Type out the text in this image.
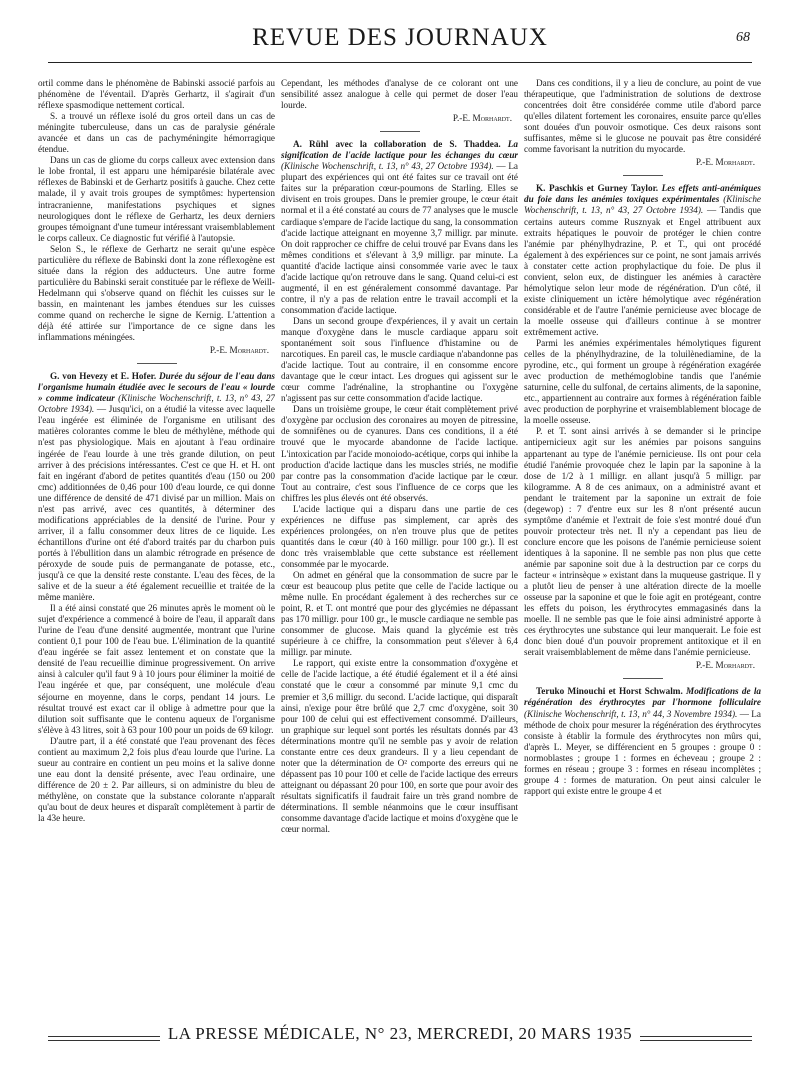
REVUE DES JOURNAUX	68

ortil comme dans le phénomène de Babinski associé parfois au phénomène de l'éventail. D'après Gerhartz, il s'agirait d'un réflexe spasmodique nettement cortical.

S. a trouvé un réflexe isolé du gros orteil dans un cas de méningite tuberculeuse, dans un cas de paralysie générale avancée et dans un cas de pachyméningite hémorragique étendue.

Dans un cas de gliome du corps calleux avec extension dans le lobe frontal, il est apparu une hémiparésie bilatérale avec réflexes de Babinski et de Gerhartz positifs à gauche. Chez cette malade, il y avait trois groupes de symptômes: hypertension intracranienne, manifestations psychiques et signes neurologiques dont le réflexe de Gerhartz, les deux derniers groupes témoignant d'une tumeur intéressant vraisemblablement le corps calleux. Ce diagnostic fut vérifié à l'autopsie.

Selon S., le réflexe de Gerhartz ne serait qu'une espèce particulière du réflexe de Babinski dont la zone réflexogène est située dans la région des adducteurs. Une autre forme particulière du Babinski serait constituée par le réflexe de Weill-Hedelmann qui s'observe quand on fléchit les cuisses sur le bassin, en maintenant les jambes étendues sur les cuisses comme quand on recherche le signe de Kernig. L'attention a déjà été attirée sur l'importance de ce signe dans les inflammations méningées.

P.-E. Morhardt.

G. von Hevezy et E. Hofer. Durée du séjour de l'eau dans l'organisme humain étudiée avec le secours de l'eau « lourde » comme indicateur (Klinische Wochenschrift, t. 13, n° 43, 27 Octobre 1934). — Jusqu'ici, on a étudié la vitesse avec laquelle l'eau ingérée est éliminée de l'organisme en utilisant des matières colorantes comme le bleu de méthylène, méthode qui n'est pas physiologique. Mais en ajoutant à l'eau ordinaire ingérée de l'eau lourde à une très grande dilution, on peut arriver à des précisions intéressantes. C'est ce que H. et H. ont fait en ingérant d'abord de petites quantités d'eau (150 ou 200 cmc) additionnées de 0,46 pour 100 d'eau lourde, ce qui donne une différence de densité de 471 divisé par un million. Mais on n'est pas arrivé, avec ces quantités, à déterminer des modifications appréciables de la densité de l'urine. Pour y arriver, il a fallu consommer deux litres de ce liquide. Les échantillons d'urine ont été d'abord traités par du charbon puis portés à l'ébullition dans un alambic rétrograde en présence de péroxyde de soude puis de permanganate de potasse, etc., jusqu'à ce que la densité reste constante. L'eau des fèces, de la salive et de la sueur a été également recueillie et traitée de la même manière.

Il a été ainsi constaté que 26 minutes après le moment où le sujet d'expérience a commencé à boire de l'eau, il apparaît dans l'urine de l'eau d'une densité augmentée, montrant que l'urine contient 0,1 pour 100 de l'eau bue. L'élimination de la quantité d'eau ingérée se fait assez lentement et on constate que la densité de l'eau recueillie diminue progressivement. On arrive ainsi à calculer qu'il faut 9 à 10 jours pour éliminer la moitié de l'eau ingérée et que, par conséquent, une molécule d'eau séjourne en moyenne, dans le corps, pendant 14 jours. Le résultat trouvé est exact car il oblige à admettre pour que la dilution soit suffisante que le contenu aqueux de l'organisme s'élève à 43 litres, soit à 63 pour 100 pour un poids de 69 kilogr.

D'autre part, il a été constaté que l'eau provenant des fèces contient au maximum 2,2 fois plus d'eau lourde que l'urine. La sueur au contraire en contient un peu moins et la salive donne une eau dont la densité présente, avec l'eau ordinaire, une différence de 20 ± 2. Par ailleurs, si on administre du bleu de méthylène, on constate que la substance colorante n'apparaît qu'au bout de deux heures et disparaît complètement à partir de la 43e heure.

Cependant, les méthodes d'analyse de ce colorant ont une sensibilité assez analogue à celle qui permet de doser l'eau lourde.

P.-E. Morhardt.

A. Rühl avec la collaboration de S. Thaddea. La signification de l'acide lactique pour les échanges du cœur (Klinische Wochenschrift, t. 13, n° 43, 27 Octobre 1934). — La plupart des expériences qui ont été faites sur ce travail ont été faites sur la préparation cœur-poumons de Starling. Elles se divisent en trois groupes. Dans le premier groupe, le cœur était normal et il a été constaté au cours de 77 analyses que le muscle cardiaque s'empare de l'acide lactique du sang, la consommation d'acide lactique atteignant en moyenne 3,7 milligr. par minute. On doit rapprocher ce chiffre de celui trouvé par Evans dans les mêmes conditions et s'élevant à 3,9 milligr. par minute. La quantité d'acide lactique ainsi consommée varie avec le taux d'acide lactique qu'on retrouve dans le sang. Quand celui-ci est augmenté, il en est généralement consommé davantage. Par contre, il n'y a pas de relation entre le travail accompli et la consommation d'acide lactique.

Dans un second groupe d'expériences, il y avait un certain manque d'oxygène dans le muscle cardiaque apparu soit spontanément soit sous l'influence d'histamine ou de narcotiques. En pareil cas, le muscle cardiaque n'abandonne pas d'acide lactique. Tout au contraire, il en consomme encore davantage que le cœur intact. Les drogues qui agissent sur le cœur comme l'adrénaline, la strophantine ou l'oxygène n'agissent pas sur cette consommation d'acide lactique.

Dans un troisième groupe, le cœur était complètement privé d'oxygène par occlusion des coronaires au moyen de pitressine, de somnifènes ou de cyanures. Dans ces conditions, il a été trouvé que le myocarde abandonne de l'acide lactique. L'intoxication par l'acide monoiodo-acétique, corps qui inhibe la production d'acide lactique dans les muscles striés, ne modifie par contre pas la consommation d'acide lactique par le cœur. Tout au contraire, c'est sous l'influence de ce corps que les chiffres les plus élevés ont été observés.

L'acide lactique qui a disparu dans une partie de ces expériences ne diffuse pas simplement, car après des expériences prolongées, on n'en trouve plus que de petites quantités dans le cœur (40 à 160 milligr. pour 100 gr.). Il est donc très vraisemblable que cette substance est réellement consommée par le myocarde.

On admet en général que la consommation de sucre par le cœur est beaucoup plus petite que celle de l'acide lactique ou même nulle. En procédant également à des recherches sur ce point, R. et T. ont montré que pour des glycémies ne dépassant pas 170 milligr. pour 100 gr., le muscle cardiaque ne semble pas consommer de glucose. Mais quand la glycémie est très supérieure à ce chiffre, la consommation peut s'élever à 6,4 milligr. par minute.

Le rapport, qui existe entre la consommation d'oxygène et celle de l'acide lactique, a été étudié également et il a été ainsi constaté que le cœur a consommé par minute 9,1 cmc du premier et 3,6 milligr. du second. L'acide lactique, qui disparaît ainsi, n'exige pour être brûlé que 2,7 cmc d'oxygène, soit 30 pour 100 de celui qui est effectivement consommé. D'ailleurs, un graphique sur lequel sont portés les résultats donnés par 43 déterminations montre qu'il ne semble pas y avoir de relation constante entre ces deux grandeurs. Il y a lieu cependant de noter que la détermination de O² comporte des erreurs qui ne dépassent pas 10 pour 100 et celle de l'acide lactique des erreurs atteignant ou dépassant 20 pour 100, en sorte que pour avoir des résultats significatifs il faudrait faire un très grand nombre de déterminations. Il semble néanmoins que le cœur insuffisant consomme davantage d'acide lactique et moins d'oxygène que le cœur normal.

Dans ces conditions, il y a lieu de conclure, au point de vue thérapeutique, que l'administration de solutions de dextrose concentrées doit être considérée comme utile d'abord parce qu'elles dilatent fortement les coronaires, ensuite parce qu'elles sont douées d'un pouvoir osmotique. Ces deux raisons sont suffisantes, même si le glucose ne pouvait pas être considéré comme favorisant la nutrition du myocarde.

P.-E. Morhardt.

K. Paschkis et Gurney Taylor. Les effets anti-anémiques du foie dans les anémies toxiques expérimentales (Klinische Wochenschrift, t. 13, n° 43, 27 Octobre 1934). — Tandis que certains auteurs comme Rusznyak et Engel attribuent aux extraits hépatiques le pouvoir de protéger le chien contre l'anémie par phénylhydrazine, P. et T., qui ont procédé également à des expériences sur ce point, ne sont jamais arrivés à constater cette action prophylactique du foie. De plus il convient, selon eux, de distinguer les anémies à caractère hémolytique selon leur mode de régénération. D'un côté, il existe cliniquement un ictère hémolytique avec régénération considérable et de l'autre l'anémie pernicieuse avec blocage de la moelle osseuse qui d'ailleurs continue à se montrer extrêmement active.

Parmi les anémies expérimentales hémolytiques figurent celles de la phénylhydrazine, de la toluilènediamine, de la pyrodine, etc., qui forment un groupe à régénération exagérée avec production de methémoglobine tandis que l'anémie saturnine, celle du sulfonal, de certains aliments, de la saponine, etc., appartiennent au contraire aux formes à régénération faible avec production de porphyrine et vraisemblablement blocage de la moelle osseuse.

P. et T. sont ainsi arrivés à se demander si le principe antipernicieux agit sur les anémies par poisons sanguins appartenant au type de l'anémie pernicieuse. Ils ont pour cela étudié l'anémie provoquée chez le lapin par la saponine à la dose de 1/2 à 1 milligr. en allant jusqu'à 5 milligr. par kilogramme. A 8 de ces animaux, on a administré avant et pendant le traitement par la saponine un extrait de foie (degewop) : 7 d'entre eux sur les 8 n'ont présenté aucun symptôme d'anémie et l'extrait de foie s'est montré doué d'un pouvoir protecteur très net. Il n'y a cependant pas lieu de conclure encore que les poisons de l'anémie pernicieuse soient identiques à la saponine. Il ne semble pas non plus que cette anémie par saponine soit due à la destruction par ce corps du facteur « intrinsèque » existant dans la muqueuse gastrique. Il y a plutôt lieu de penser à une altération directe de la moelle osseuse par la saponine et que le foie agit en protégeant, contre les effets du poison, les érythrocytes emmagasinés dans la moelle. Il ne semble pas que le foie ainsi administré apporte à ces érythrocytes une substance qui leur manquerait. Le foie est donc bien doué d'un pouvoir proprement antitoxique et il en serait vraisemblablement de même dans l'anémie pernicieuse.

P.-E. Morhardt.

Teruko Minouchi et Horst Schwalm. Modifications de la régénération des érythrocytes par l'hormone folliculaire (Klinische Wochenschrift, t. 13, n° 44, 3 Novembre 1934). — La méthode de choix pour mesurer la régénération des érythrocytes consiste à établir la formule des érythrocytes non mûrs qui, d'après L. Meyer, se différencient en 5 groupes : groupe 0 : normoblastes ; groupe 1 : formes en écheveau ; groupe 2 : formes en réseau ; groupe 3 : formes en réseau incomplètes ; groupe 4 : formes de maturation. On peut ainsi calculer le rapport qui existe entre le groupe 4 et

LA PRESSE MÉDICALE, N° 23, MERCREDI, 20 MARS 1935
